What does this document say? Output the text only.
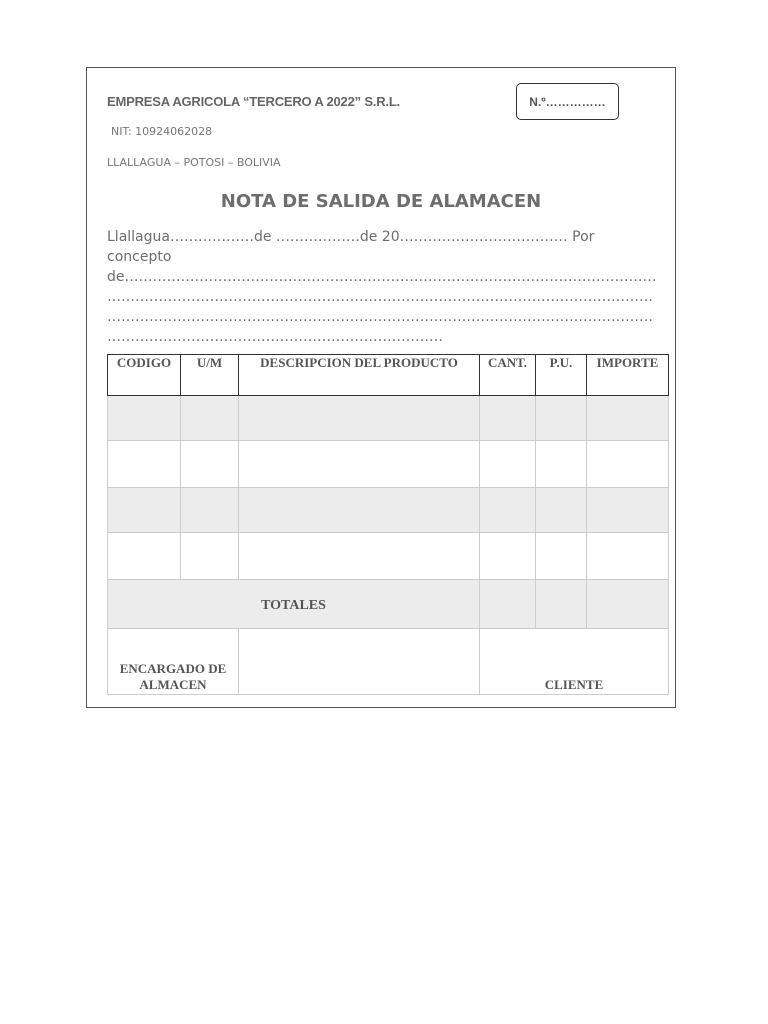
EMPRESA AGRICOLA “TERCERO A 2022” S.R.L.	N.º……………
NIT: 10924062028
LLALLAGUA – POTOSI – BOLIVIA
NOTA DE SALIDA DE ALAMACEN
Llallagua………………de ………………de 20……………………………… Por concepto de……………………………………………………………………………………………………………………………………………………………………………………………………………………………………………………………………………………………………………………………………………………………………………………
CODIGO	U/M	DESCRIPCION DEL PRODUCTO	CANT.	P.U.	IMPORTE

TOTALES					
ENCARGADO DE ALMACEN			CLIENTE		
